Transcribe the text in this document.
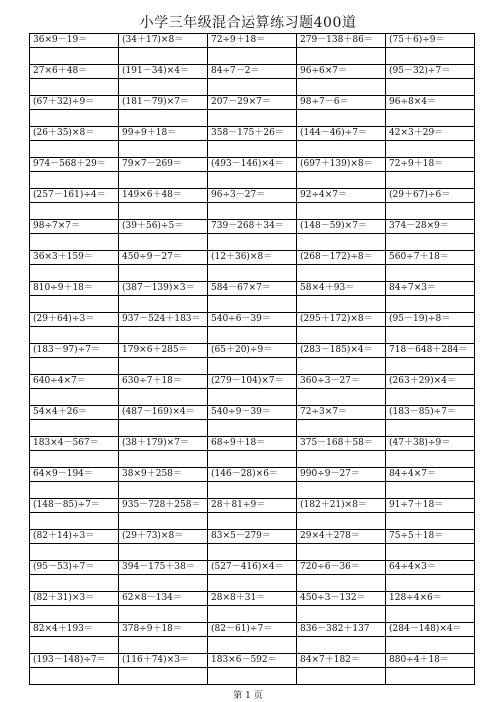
小学三年级混合运算练习题400道
36×9－19＝	(34＋17)×8＝	72÷9＋18＝	279－138＋86＝	(75＋6)÷9＝

27×6＋48＝	(191－34)×4＝	84÷7－2＝	96÷6×7＝	(95－32)÷7＝

(67＋32)÷9＝	(181－79)×7＝	207－29×7＝	98÷7－6＝	96÷8×4＝

(26＋35)×8＝	99÷9＋18＝	358－175＋26＝	(144－46)÷7＝	42×3＋29＝

974－568＋29＝	79×7－269＝	(493－146)×4＝	(697＋139)×8＝	72÷9＋18＝

(257－161)÷4＝	149×6＋48＝	96÷3－27＝	92÷4×7＝	(29＋67)÷6＝

98÷7×7＝	(39＋56)÷5＝	739－268＋34＝	(148－59)×7＝	374－28×9＝

36×3＋159＝	450÷9－27＝	(12＋36)×8＝	(268－172)÷8＝	560÷7＋18＝

810÷9＋18＝	(387－139)×3＝	584－67×7＝	58×4＋93＝	84÷7×3＝

(29＋64)÷3＝	937－524＋183＝	540÷6－39＝	(295＋172)×8＝	(95－19)÷8＝

(183－97)÷7＝	179×6＋285＝	(65＋20)÷9＝	(283－185)×4＝	718－648＋284＝

640÷4×7＝	630÷7＋18＝	(279－104)×7＝	360÷3－27＝	(263＋29)×4＝

54×4＋26＝	(487－169)×4＝	540÷9－39＝	72÷3×7＝	(183－85)÷7＝

183×4－567＝	(38＋179)×7＝	68÷9＋18＝	375－168＋58＝	(47＋38)÷9＝

64×9－194＝	38×9＋258＝	(146－28)×6＝	990÷9－27＝	84÷4×7＝

(148－85)÷7＝	935－728＋258＝	28＋81÷9＝	(182＋21)×8＝	91÷7＋18＝

(82＋14)÷3＝	(29＋73)×8＝	83×5－279＝	29×4＋278＝	75÷5＋18＝

(95－53)÷7＝	394－175＋38＝	(527－416)×4＝	720÷6－36＝	64÷4×3＝

(82＋31)×3＝	62×8－134＝	28×8＋31＝	450÷3－132＝	128÷4×6＝

82×4＋193＝	378÷9＋18＝	(82－61)÷7＝	836－382＋137	(284－148)×4＝

(193－148)÷7＝	(116＋74)×3＝	183×6－592＝	84×7＋182＝	880÷4＋18＝

第 1 页
